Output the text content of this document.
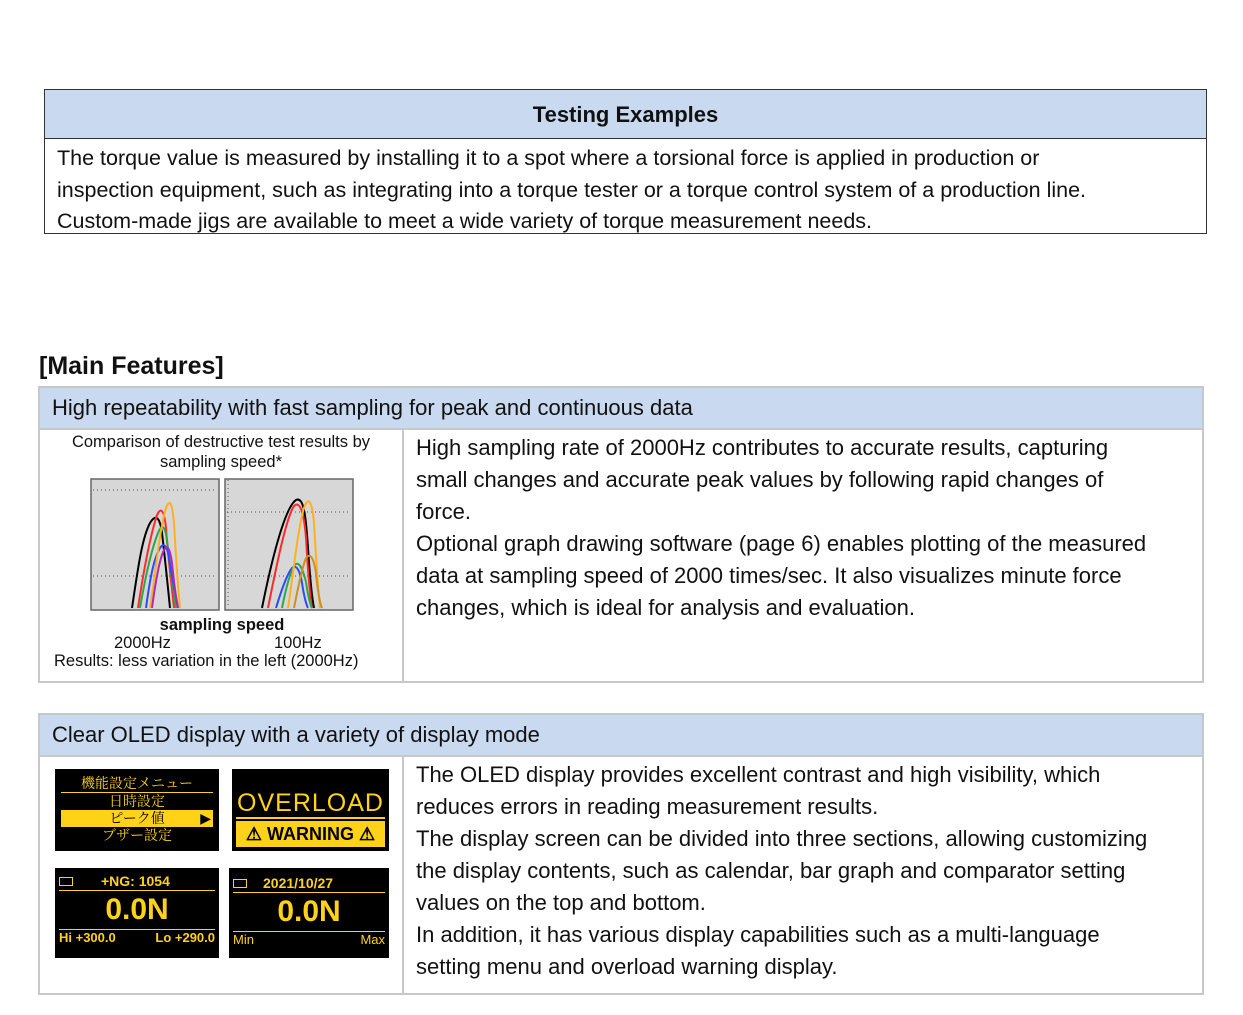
Testing Examples
The torque value is measured by installing it to a spot where a torsional force is applied in production or
inspection equipment, such as integrating into a torque tester or a torque control system of a production line.
Custom-made jigs are available to meet a wide variety of torque measurement needs.
[Main Features]
High repeatability with fast sampling for peak and continuous data
Comparison of destructive test results by
sampling speed*
sampling speed
2000Hz	100Hz
Results: less variation in the left (2000Hz)
High sampling rate of 2000Hz contributes to accurate results, capturing
small changes and accurate peak values by following rapid changes of
force.
Optional graph drawing software (page 6) enables plotting of the measured
data at sampling speed of 2000 times/sec. It also visualizes minute force
changes, which is ideal for analysis and evaluation.
Clear OLED display with a variety of display mode
機能設定メニュー
日時設定
ピーク値	▶
ブザー設定
OVERLOAD
⚠ WARNING ⚠
+NG: 1054
0.0N
Hi +300.0	Lo +290.0
2021/10/27
0.0N
Min	Max
The OLED display provides excellent contrast and high visibility, which
reduces errors in reading measurement results.
The display screen can be divided into three sections, allowing customizing
the display contents, such as calendar, bar graph and comparator setting
values on the top and bottom.
In addition, it has various display capabilities such as a multi-language
setting menu and overload warning display.
